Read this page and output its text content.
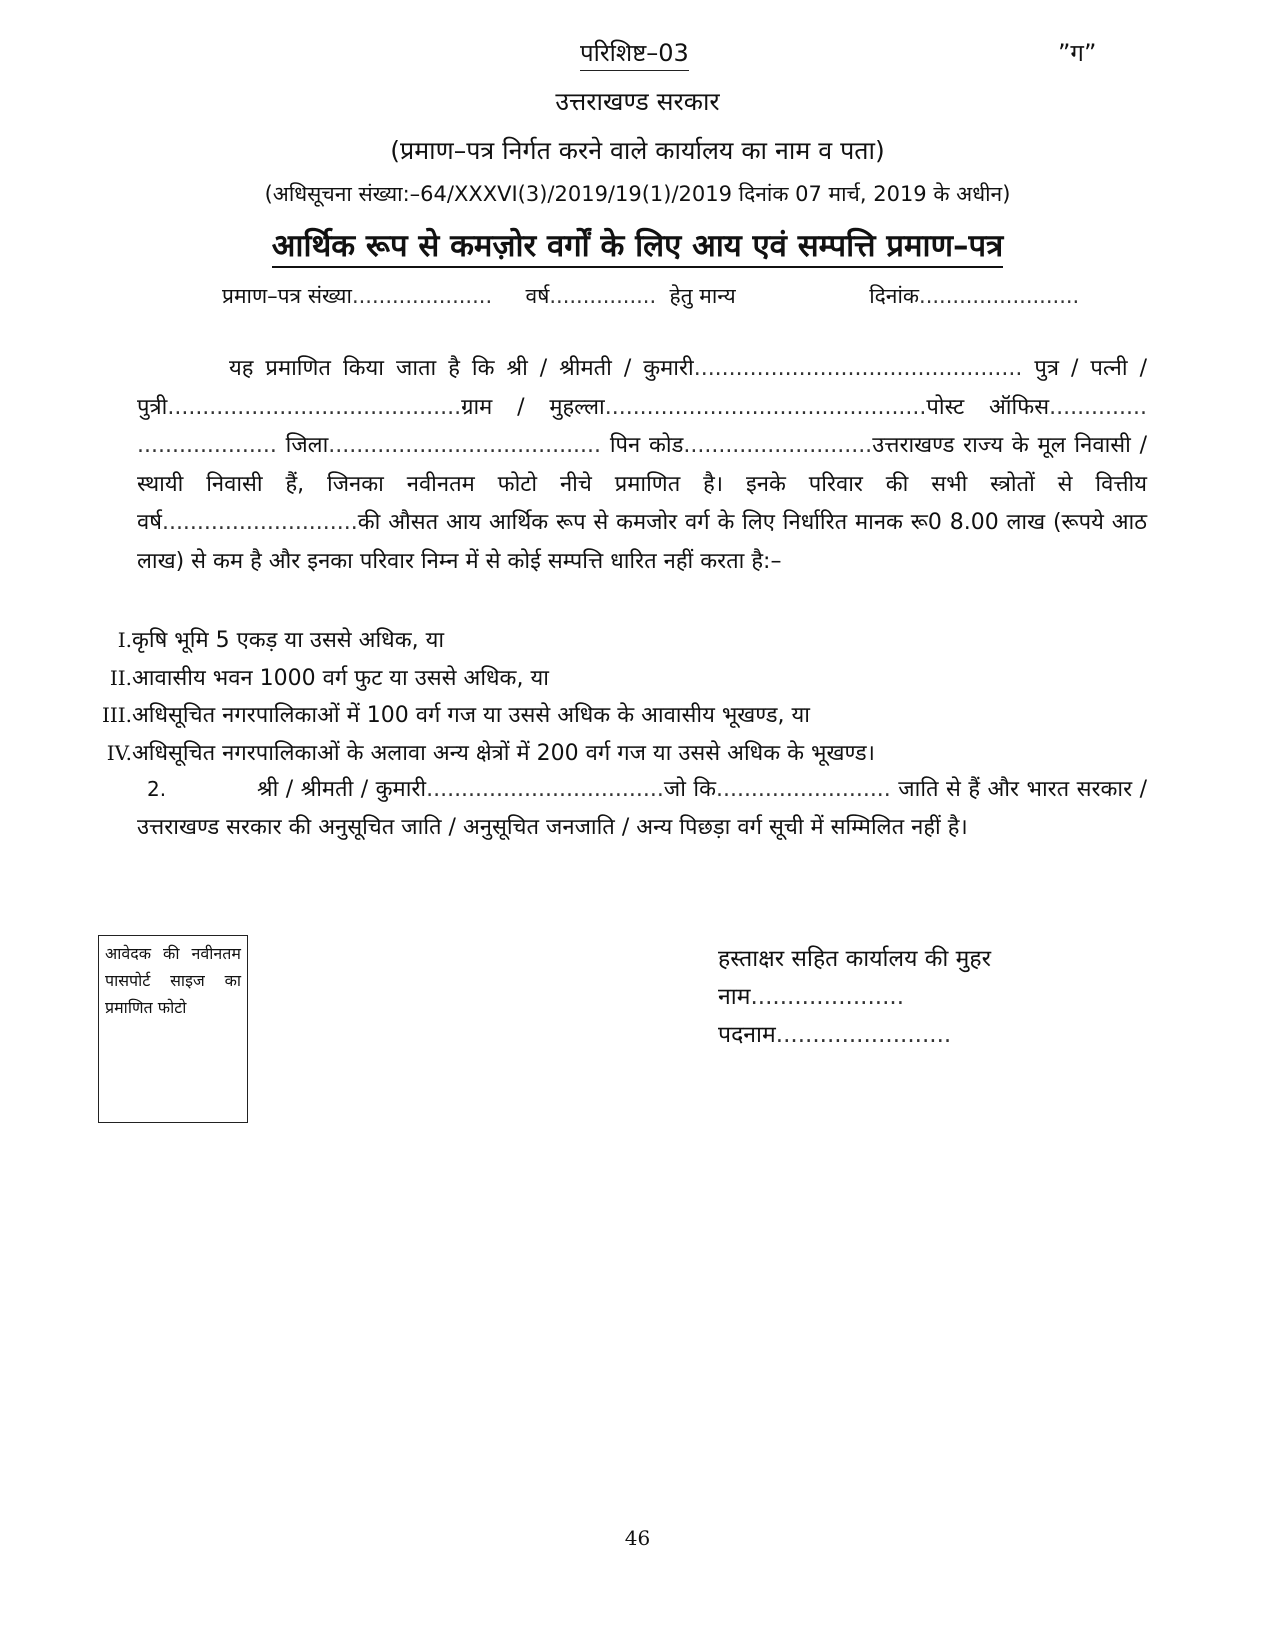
परिशिष्ट–03	”ग”
उत्तराखण्ड सरकार
(प्रमाण–पत्र निर्गत करने वाले कार्यालय का नाम व पता)
(अधिसूचना संख्या:–64/XXXVI(3)/2019/19(1)/2019 दिनांक 07 मार्च, 2019 के अधीन)
आर्थिक रूप से कमज़ोर वर्गों के लिए आय एवं सम्पत्ति प्रमाण–पत्र
प्रमाण–पत्र संख्या..................... वर्ष................ हेतु मान्य	दिनांक........................

यह प्रमाणित किया जाता है कि श्री / श्रीमती / कुमारी............................................... पुत्र / पत्नी / पुत्री..........................................ग्राम / मुहल्ला..............................................पोस्ट ऑफिस.............. .................... जिला....................................... पिन कोड...........................उत्तराखण्ड राज्य के मूल निवासी / स्थायी निवासी हैं, जिनका नवीनतम फोटो नीचे प्रमाणित है। इनके परिवार की सभी स्त्रोतों से वित्तीय वर्ष............................की औसत आय आर्थिक रूप से कमजोर वर्ग के लिए निर्धारित मानक रू0 8.00 लाख (रूपये आठ लाख) से कम है और इनका परिवार निम्न में से कोई सम्पत्ति धारित नहीं करता है:–

I. कृषि भूमि 5 एकड़ या उससे अधिक, या
II. आवासीय भवन 1000 वर्ग फुट या उससे अधिक, या
III. अधिसूचित नगरपालिकाओं में 100 वर्ग गज या उससे अधिक के आवासीय भूखण्ड, या
IV. अधिसूचित नगरपालिकाओं के अलावा अन्य क्षेत्रों में 200 वर्ग गज या उससे अधिक के भूखण्ड।
2.	श्री / श्रीमती / कुमारी..................................जो कि......................... जाति से हैं और भारत सरकार / उत्तराखण्ड सरकार की अनुसूचित जाति / अनुसूचित जनजाति / अन्य पिछड़ा वर्ग सूची में सम्मिलित नहीं है।
आवेदक की नवीनतम पासपोर्ट साइज का प्रमाणित फोटो
हस्ताक्षर सहित कार्यालय की मुहर
नाम.....................
पदनाम........................
46
